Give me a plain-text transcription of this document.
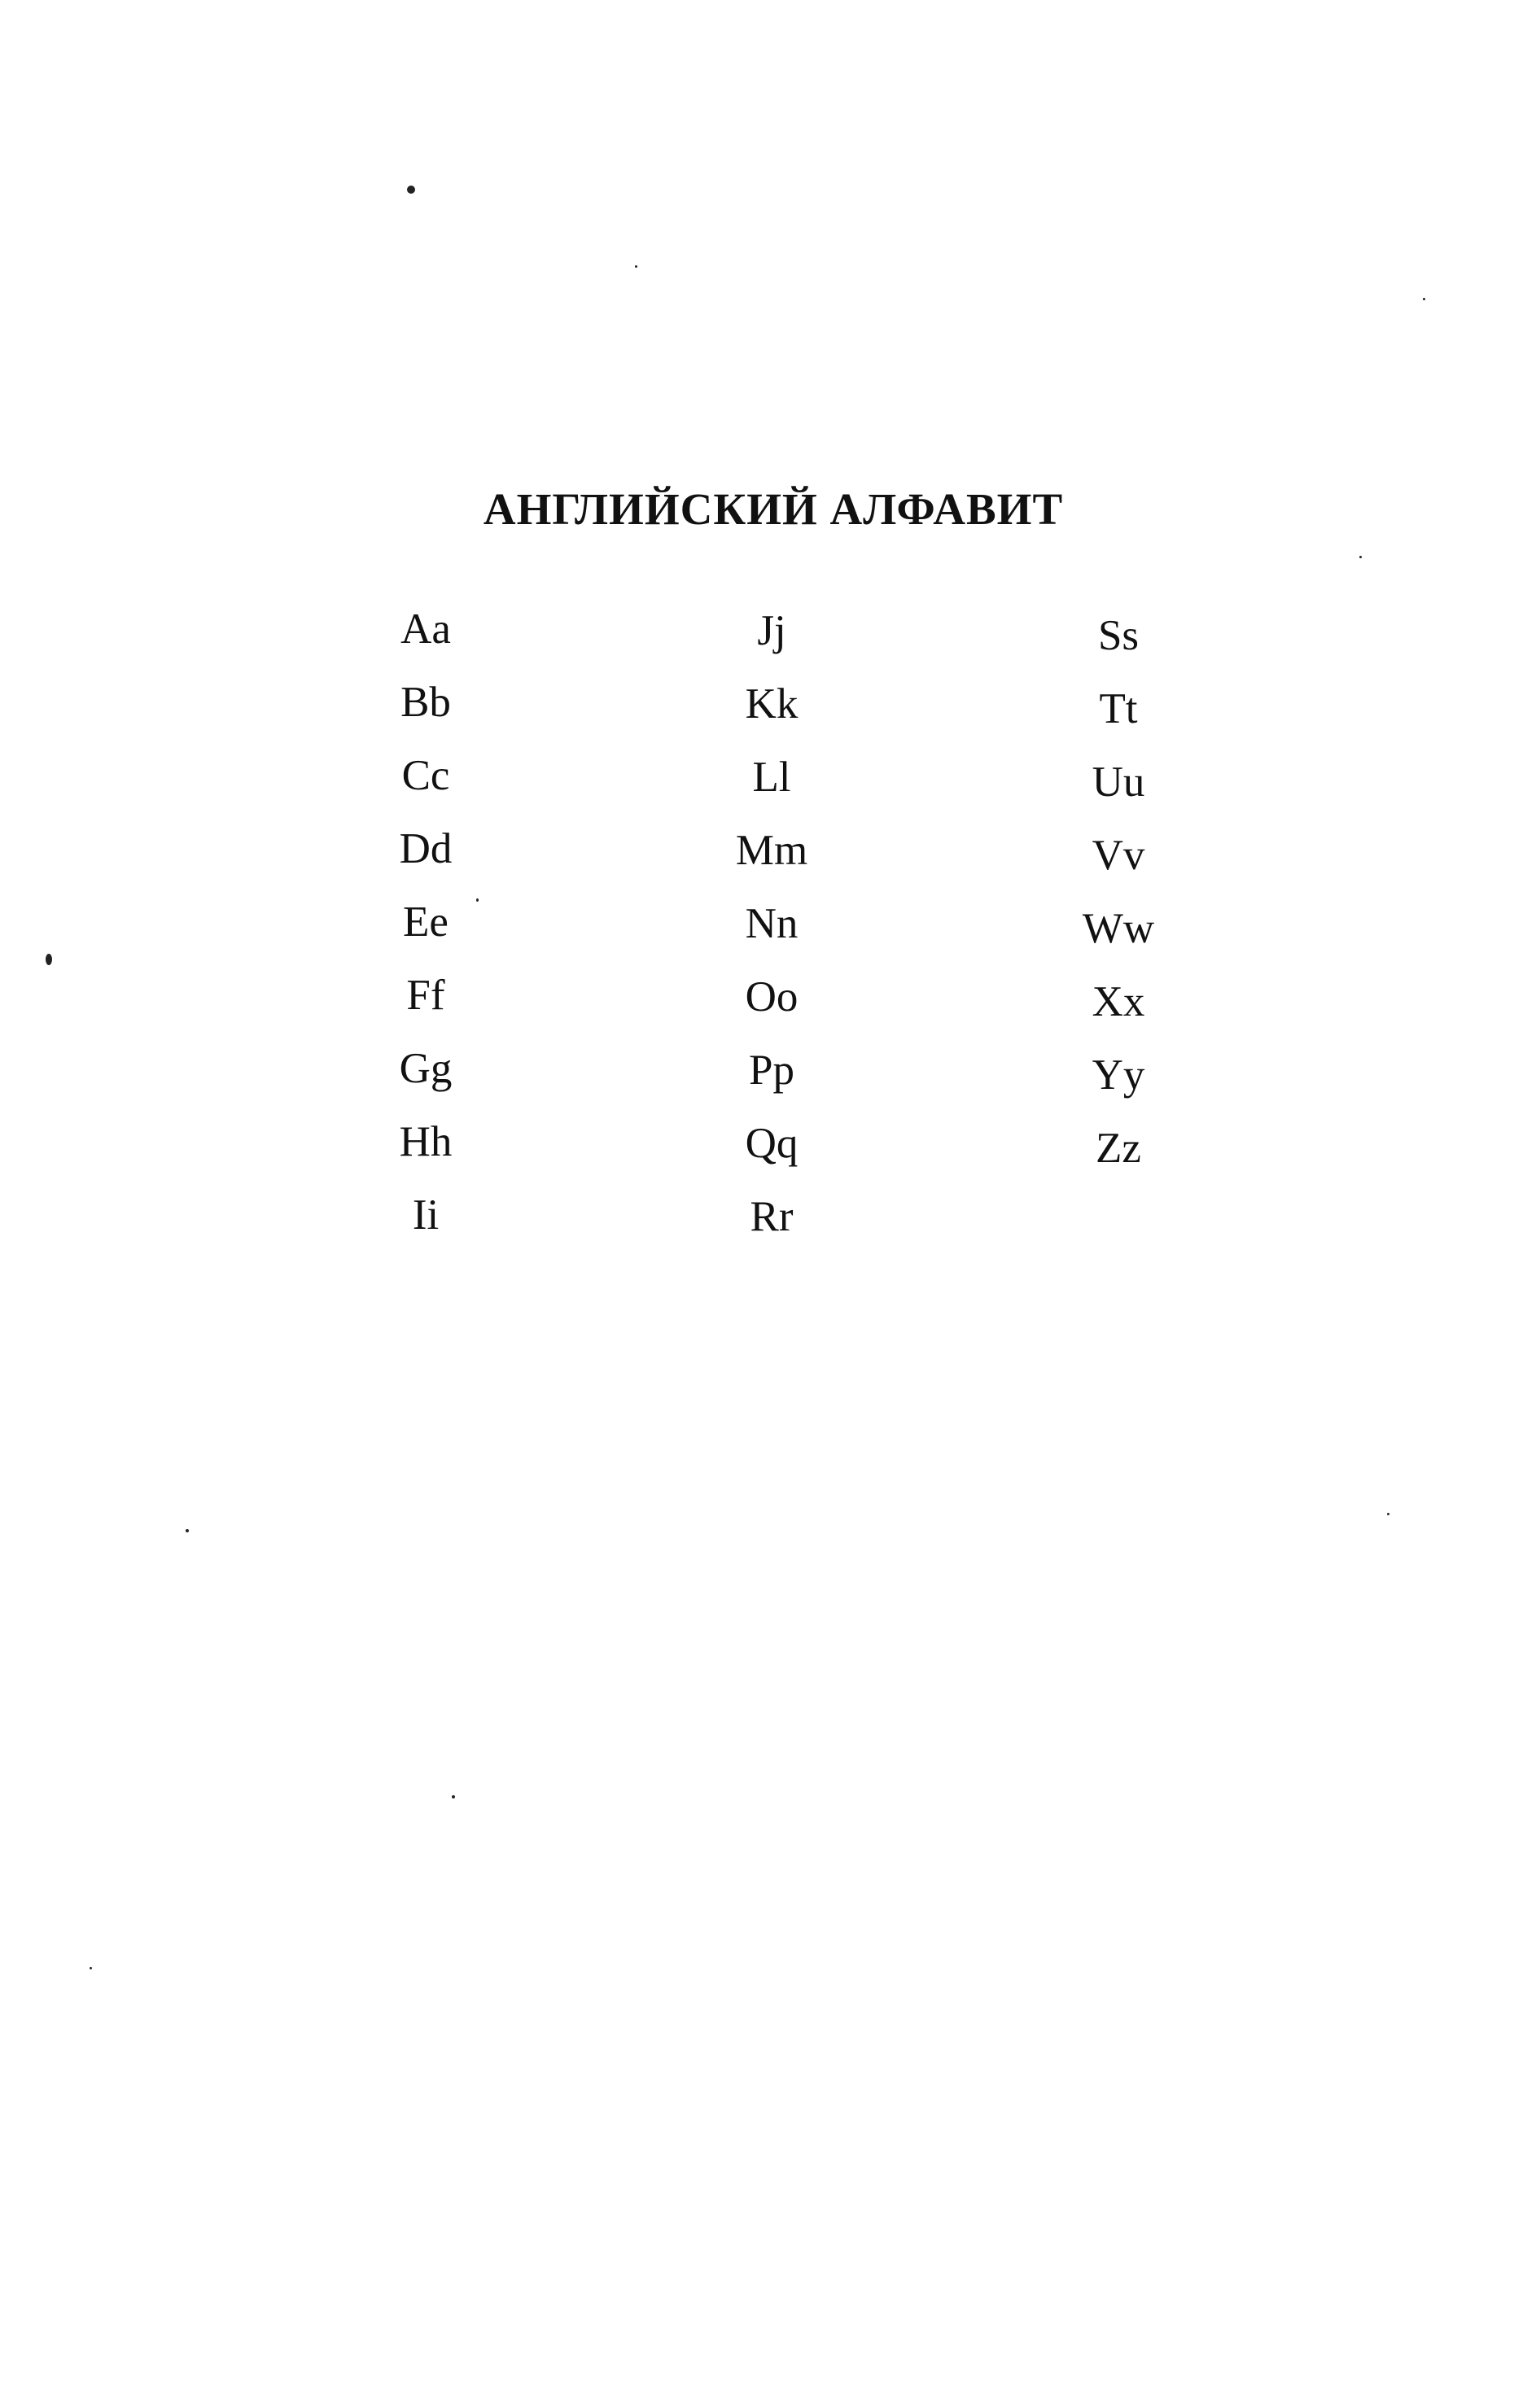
АНГЛИЙСКИЙ АЛФАВИТ
Aa
Bb
Cc
Dd
Ee
Ff
Gg
Hh
Ii
Jj
Kk
Ll
Mm
Nn
Oo
Pp
Qq
Rr
Ss
Tt
Uu
Vv
Ww
Xx
Yy
Zz
